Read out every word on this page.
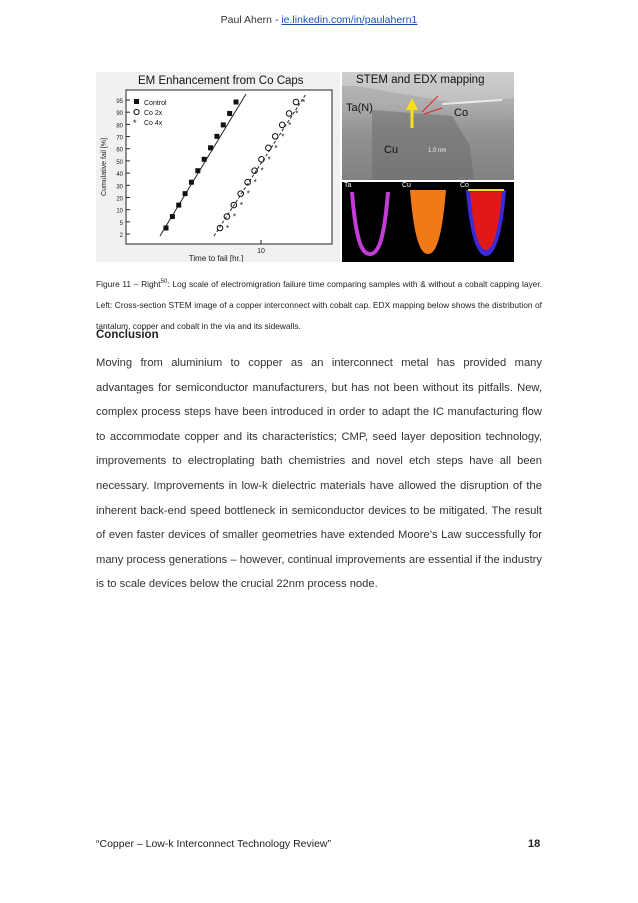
Paul Ahern - ie.linkedin.com/in/paulahern1
95
90
80
70
60
50
40
30
20
10
5
2
Cumulative fail [%]
10
Time to fail [hr.]
*
*
*
*
*
*
*
*
*
*
*
*
Control
Co 2x
* Co 4x
EM Enhancement from Co Caps	STEM and EDX mapping
Ta(N)	Co
Cu	1.0 nm
Ta	Cu	Co
Figure 11 – Right$^{50}$: Log scale of electromigration failure time comparing samples with & without a cobalt capping layer. Left: Cross-section STEM image of a copper interconnect with cobalt cap. EDX mapping below shows the distribution of tantalum, copper and cobalt in the via and its sidewalls.
Conclusion
Moving from aluminium to copper as an interconnect metal has provided many advantages for semiconductor manufacturers, but has not been without its pitfalls. New, complex process steps have been introduced in order to adapt the IC manufacturing flow to accommodate copper and its characteristics; CMP, seed layer deposition technology, improvements to electroplating bath chemistries and novel etch steps have all been necessary. Improvements in low-k dielectric materials have allowed the disruption of the inherent back-end speed bottleneck in semiconductor devices to be mitigated. The result of even faster devices of smaller geometries have extended Moore’s Law successfully for many process generations – however, continual improvements are essential if the industry is to scale devices below the crucial 22nm process node.
“Copper – Low-k Interconnect Technology Review”	18
